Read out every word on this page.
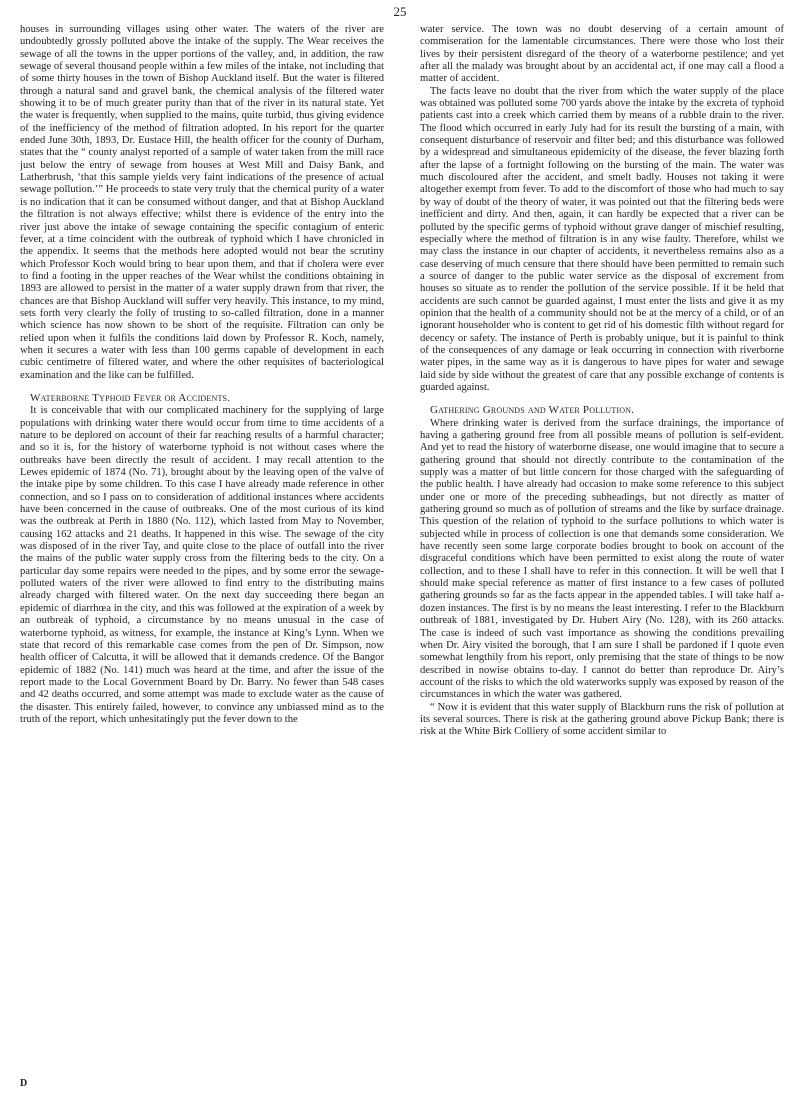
25

houses in surrounding villages using other water. The waters of the river are undoubtedly grossly polluted above the intake of the supply. The Wear receives the sewage of all the towns in the upper portions of the valley, and, in addition, the raw sewage of several thousand people within a few miles of the intake, not including that of some thirty houses in the town of Bishop Auckland itself. But the water is filtered through a natural sand and gravel bank, the chemical analysis of the filtered water showing it to be of much greater purity than that of the river in its natural state. Yet the water is frequently, when supplied to the mains, quite turbid, thus giving evidence of the inefficiency of the method of filtration adopted. In his report for the quarter ended June 30th, 1893, Dr. Eustace Hill, the health officer for the county of Durham, states that the “ county analyst reported of a sample of water taken from the mill race just below the entry of sewage from houses at West Mill and Daisy Bank, and Latherbrush, ‘that this sample yields very faint indications of the presence of actual sewage pollution.’” He proceeds to state very truly that the chemical purity of a water is no indication that it can be consumed without danger, and that at Bishop Auckland the filtration is not always effective; whilst there is evidence of the entry into the river just above the intake of sewage containing the specific contagium of enteric fever, at a time coincident with the outbreak of typhoid which I have chronicled in the appendix. It seems that the methods here adopted would not bear the scrutiny which Professor Koch would bring to bear upon them, and that if cholera were ever to find a footing in the upper reaches of the Wear whilst the conditions obtaining in 1893 are allowed to persist in the matter of a water supply drawn from that river, the chances are that Bishop Auckland will suffer very heavily. This instance, to my mind, sets forth very clearly the folly of trusting to so-called filtration, done in a manner which science has now shown to be short of the requisite. Filtration can only be relied upon when it fulfils the conditions laid down by Professor R. Koch, namely, when it secures a water with less than 100 germs capable of development in each cubic centimetre of filtered water, and where the other requisites of bacteriological examination and the like can be fulfilled.

Waterborne Typhoid Fever or Accidents.

It is conceivable that with our complicated machinery for the supplying of large populations with drinking water there would occur from time to time accidents of a nature to be deplored on account of their far reaching results of a harmful character; and so it is, for the history of waterborne typhoid is not without cases where the outbreaks have been directly the result of accident. I may recall attention to the Lewes epidemic of 1874 (No. 71), brought about by the leaving open of the valve of the intake pipe by some children. To this case I have already made reference in other connection, and so I pass on to consideration of additional instances where accidents have been concerned in the cause of outbreaks. One of the most curious of its kind was the outbreak at Perth in 1880 (No. 112), which lasted from May to November, causing 162 attacks and 21 deaths. It happened in this wise. The sewage of the city was disposed of in the river Tay, and quite close to the place of outfall into the river the mains of the public water supply cross from the filtering beds to the city. On a particular day some repairs were needed to the pipes, and by some error the sewage-polluted waters of the river were allowed to find entry to the distributing mains already charged with filtered water. On the next day succeeding there began an epidemic of diarrhœa in the city, and this was followed at the expiration of a week by an outbreak of typhoid, a circumstance by no means unusual in the case of waterborne typhoid, as witness, for example, the instance at King’s Lynn. When we state that record of this remarkable case comes from the pen of Dr. Simpson, now health officer of Calcutta, it will be allowed that it demands credence. Of the Bangor epidemic of 1882 (No. 141) much was heard at the time, and after the issue of the report made to the Local Government Board by Dr. Barry. No fewer than 548 cases and 42 deaths occurred, and some attempt was made to exclude water as the cause of the disaster. This entirely failed, however, to convince any unbiassed mind as to the truth of the report, which unhesitatingly put the fever down to the

water service. The town was no doubt deserving of a certain amount of commiseration for the lamentable circumstances. There were those who lost their lives by their persistent disregard of the theory of a waterborne pestilence; and yet after all the malady was brought about by an accidental act, if one may call a flood a matter of accident.

The facts leave no doubt that the river from which the water supply of the place was obtained was polluted some 700 yards above the intake by the excreta of typhoid patients cast into a creek which carried them by means of a rubble drain to the river. The flood which occurred in early July had for its result the bursting of a main, with consequent disturbance of reservoir and filter bed; and this disturbance was followed by a widespread and simultaneous epidemicity of the disease, the fever blazing forth after the lapse of a fortnight following on the bursting of the main. The water was much discoloured after the accident, and smelt badly. Houses not taking it were altogether exempt from fever. To add to the discomfort of those who had much to say by way of doubt of the theory of water, it was pointed out that the filtering beds were inefficient and dirty. And then, again, it can hardly be expected that a river can be polluted by the specific germs of typhoid without grave danger of mischief resulting, especially where the method of filtration is in any wise faulty. Therefore, whilst we may class the instance in our chapter of accidents, it nevertheless remains also as a case deserving of much censure that there should have been permitted to remain such a source of danger to the public water service as the disposal of excrement from houses so situate as to render the pollution of the service possible. If it be held that accidents are such cannot be guarded against, I must enter the lists and give it as my opinion that the health of a community should not be at the mercy of a child, or of an ignorant householder who is content to get rid of his domestic filth without regard for decency or safety. The instance of Perth is probably unique, but it is painful to think of the consequences of any damage or leak occurring in connection with riverborne water pipes, in the same way as it is dangerous to have pipes for water and sewage laid side by side without the greatest of care that any possible exchange of contents is guarded against.

Gathering Grounds and Water Pollution.

Where drinking water is derived from the surface drainings, the importance of having a gathering ground free from all possible means of pollution is self-evident. And yet to read the history of waterborne disease, one would imagine that to secure a gathering ground that should not directly contribute to the contamination of the supply was a matter of but little concern for those charged with the safeguarding of the public health. I have already had occasion to make some reference to this subject under one or more of the preceding subheadings, but not directly as matter of gathering ground so much as of pollution of streams and the like by surface drainage. This question of the relation of typhoid to the surface pollutions to which water is subjected while in process of collection is one that demands some consideration. We have recently seen some large corporate bodies brought to book on account of the disgraceful conditions which have been permitted to exist along the route of water collection, and to these I shall have to refer in this connection. It will be well that I should make special reference as matter of first instance to a few cases of polluted gathering grounds so far as the facts appear in the appended tables. I will take half a-dozen instances. The first is by no means the least interesting. I refer to the Blackburn outbreak of 1881, investigated by Dr. Hubert Airy (No. 128), with its 260 attacks. The case is indeed of such vast importance as showing the conditions prevailing when Dr. Airy visited the borough, that I am sure I shall be pardoned if I quote even somewhat lengthily from his report, only premising that the state of things to be now described in nowise obtains to-day. I cannot do better than reproduce Dr. Airy’s account of the risks to which the old waterworks supply was exposed by reason of the circumstances in which the water was gathered.

“ Now it is evident that this water supply of Blackburn runs the risk of pollution at its several sources. There is risk at the gathering ground above Pickup Bank; there is risk at the White Birk Colliery of some accident similar to

D
